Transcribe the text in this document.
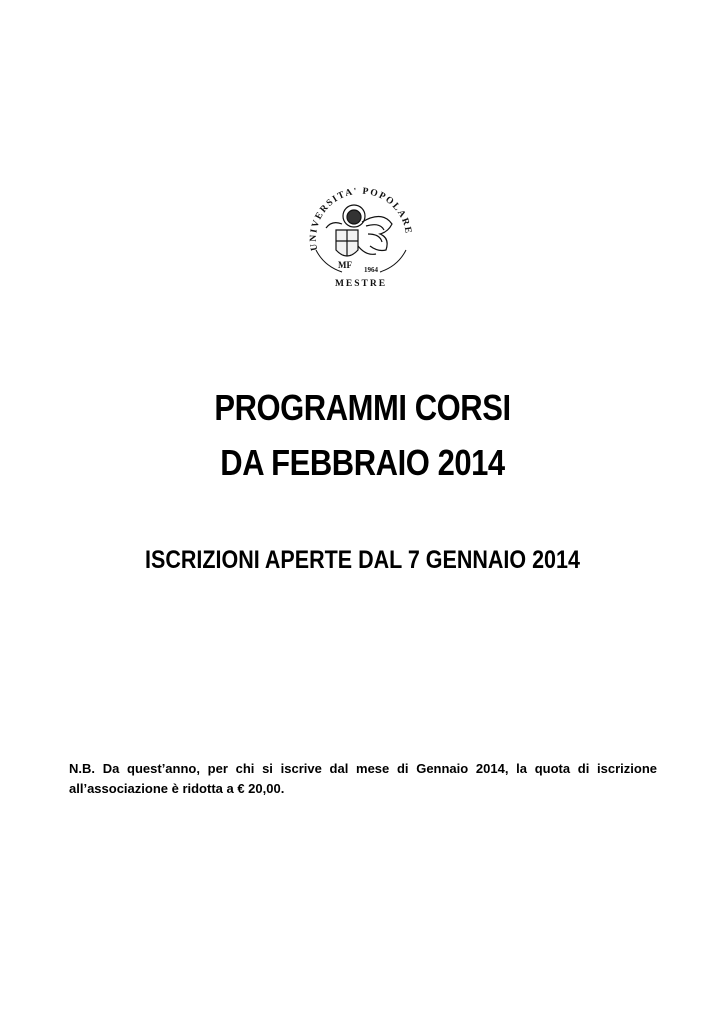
UNIVERSITA' POPOLARE
MF 1964
MESTRE
PROGRAMMI CORSI
DA FEBBRAIO 2014
ISCRIZIONI APERTE DAL 7 GENNAIO 2014
N.B. Da quest’anno, per chi si iscrive dal mese di Gennaio 2014, la quota di iscrizione all’associazione è ridotta a € 20,00.
